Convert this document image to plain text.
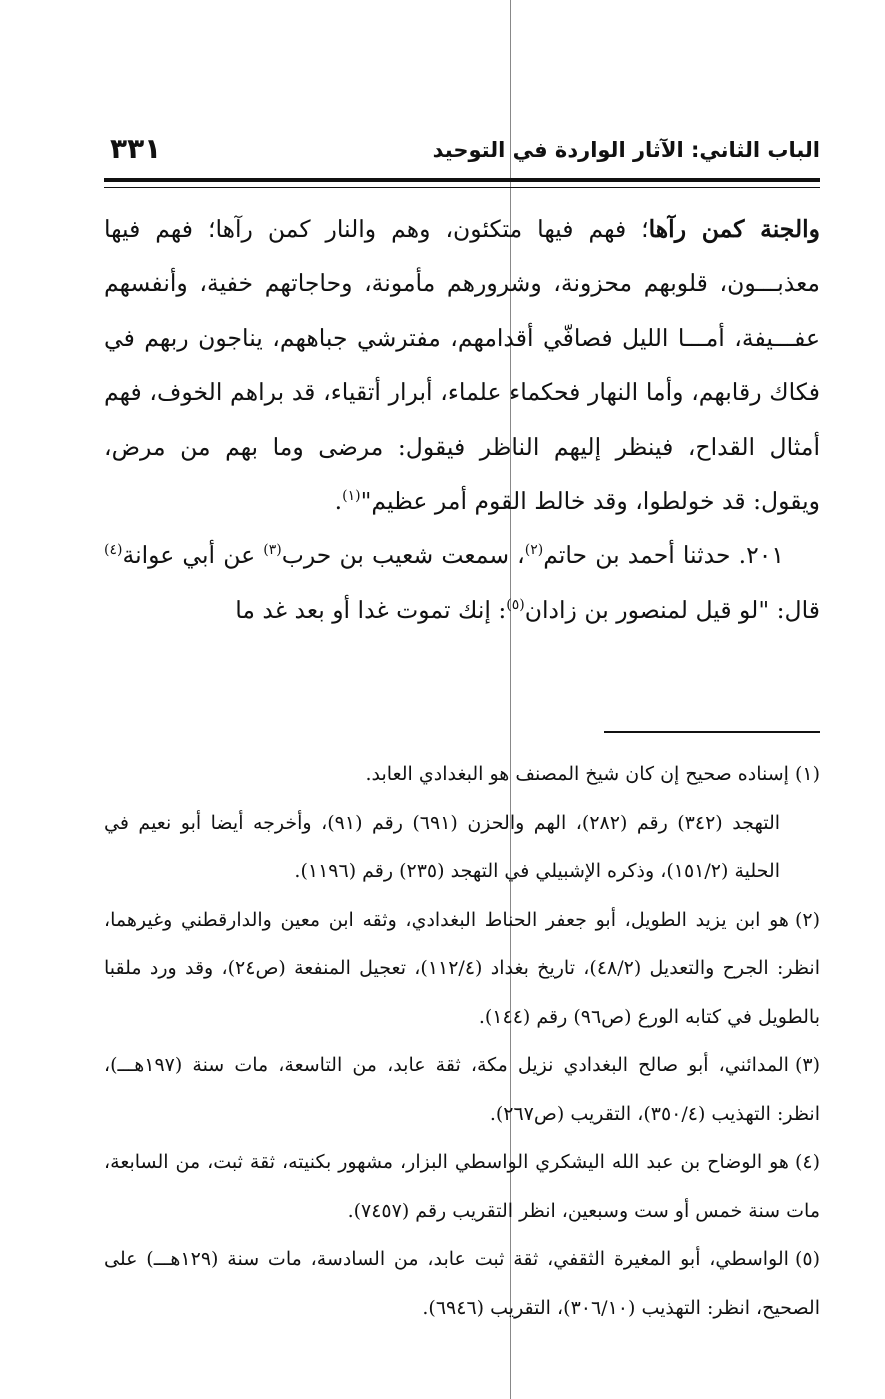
الباب الثاني: الآثار الواردة في التوحيد
٣٣١

والجنة كمن رآها؛ فهم فيها متكئون، وهم والنار كمن رآها؛ فهم فيها معذبـــون، قلوبهم محزونة، وشرورهم مأمونة، وحاجاتهم خفية، وأنفسهم عفـــيفة، أمـــا الليل فصافّي أقدامهم، مفترشي جباههم، يناجون ربهم في فكاك رقابهم، وأما النهار فحكماء علماء، أبرار أتقياء، قد براهم الخوف، فهم أمثال القداح، فينظر إليهم الناظر فيقول: مرضى وما بهم من مرض، ويقول: قد خولطوا، وقد خالط القوم أمر عظيم"$^{(١)}$.

٢٠١. حدثنا أحمد بن حاتم$^{(٢)}$، سمعت شعيب بن حرب$^{(٣)}$ عن أبي عوانة$^{(٤)}$ قال: "لو قيل لمنصور بن زادان$^{(٥)}$: إنك تموت غدا أو بعد غد ما

(١)إسناده صحيح إن كان شيخ المصنف هو البغدادي العابد.

التهجد (٣٤٢) رقم (٢٨٢)، الهم والحزن (٦٩١) رقم (٩١)، وأخرجه أيضا أبو نعيم في الحلية (١٥١/٢)، وذكره الإشبيلي في التهجد (٢٣٥) رقم (١١٩٦).

(٢)هو ابن يزيد الطويل، أبو جعفر الحناط البغدادي، وثقه ابن معين والدارقطني وغيرهما، انظر: الجرح والتعديل (٤٨/٢)، تاريخ بغداد (١١٢/٤)، تعجيل المنفعة (ص٢٤)، وقد ورد ملقبا بالطويل في كتابه الورع (ص٩٦) رقم (١٤٤).

(٣)المدائني، أبو صالح البغدادي نزيل مكة، ثقة عابد، من التاسعة، مات سنة (١٩٧هـــ)، انظر: التهذيب (٣٥٠/٤)، التقريب (ص٢٦٧).

(٤)هو الوضاح بن عبد الله اليشكري الواسطي البزار، مشهور بكنيته، ثقة ثبت، من السابعة، مات سنة خمس أو ست وسبعين، انظر التقريب رقم (٧٤٥٧).

(٥)الواسطي، أبو المغيرة الثقفي، ثقة ثبت عابد، من السادسة، مات سنة (١٢٩هـــ) على الصحيح، انظر: التهذيب (٣٠٦/١٠)، التقريب (٦٩٤٦).
